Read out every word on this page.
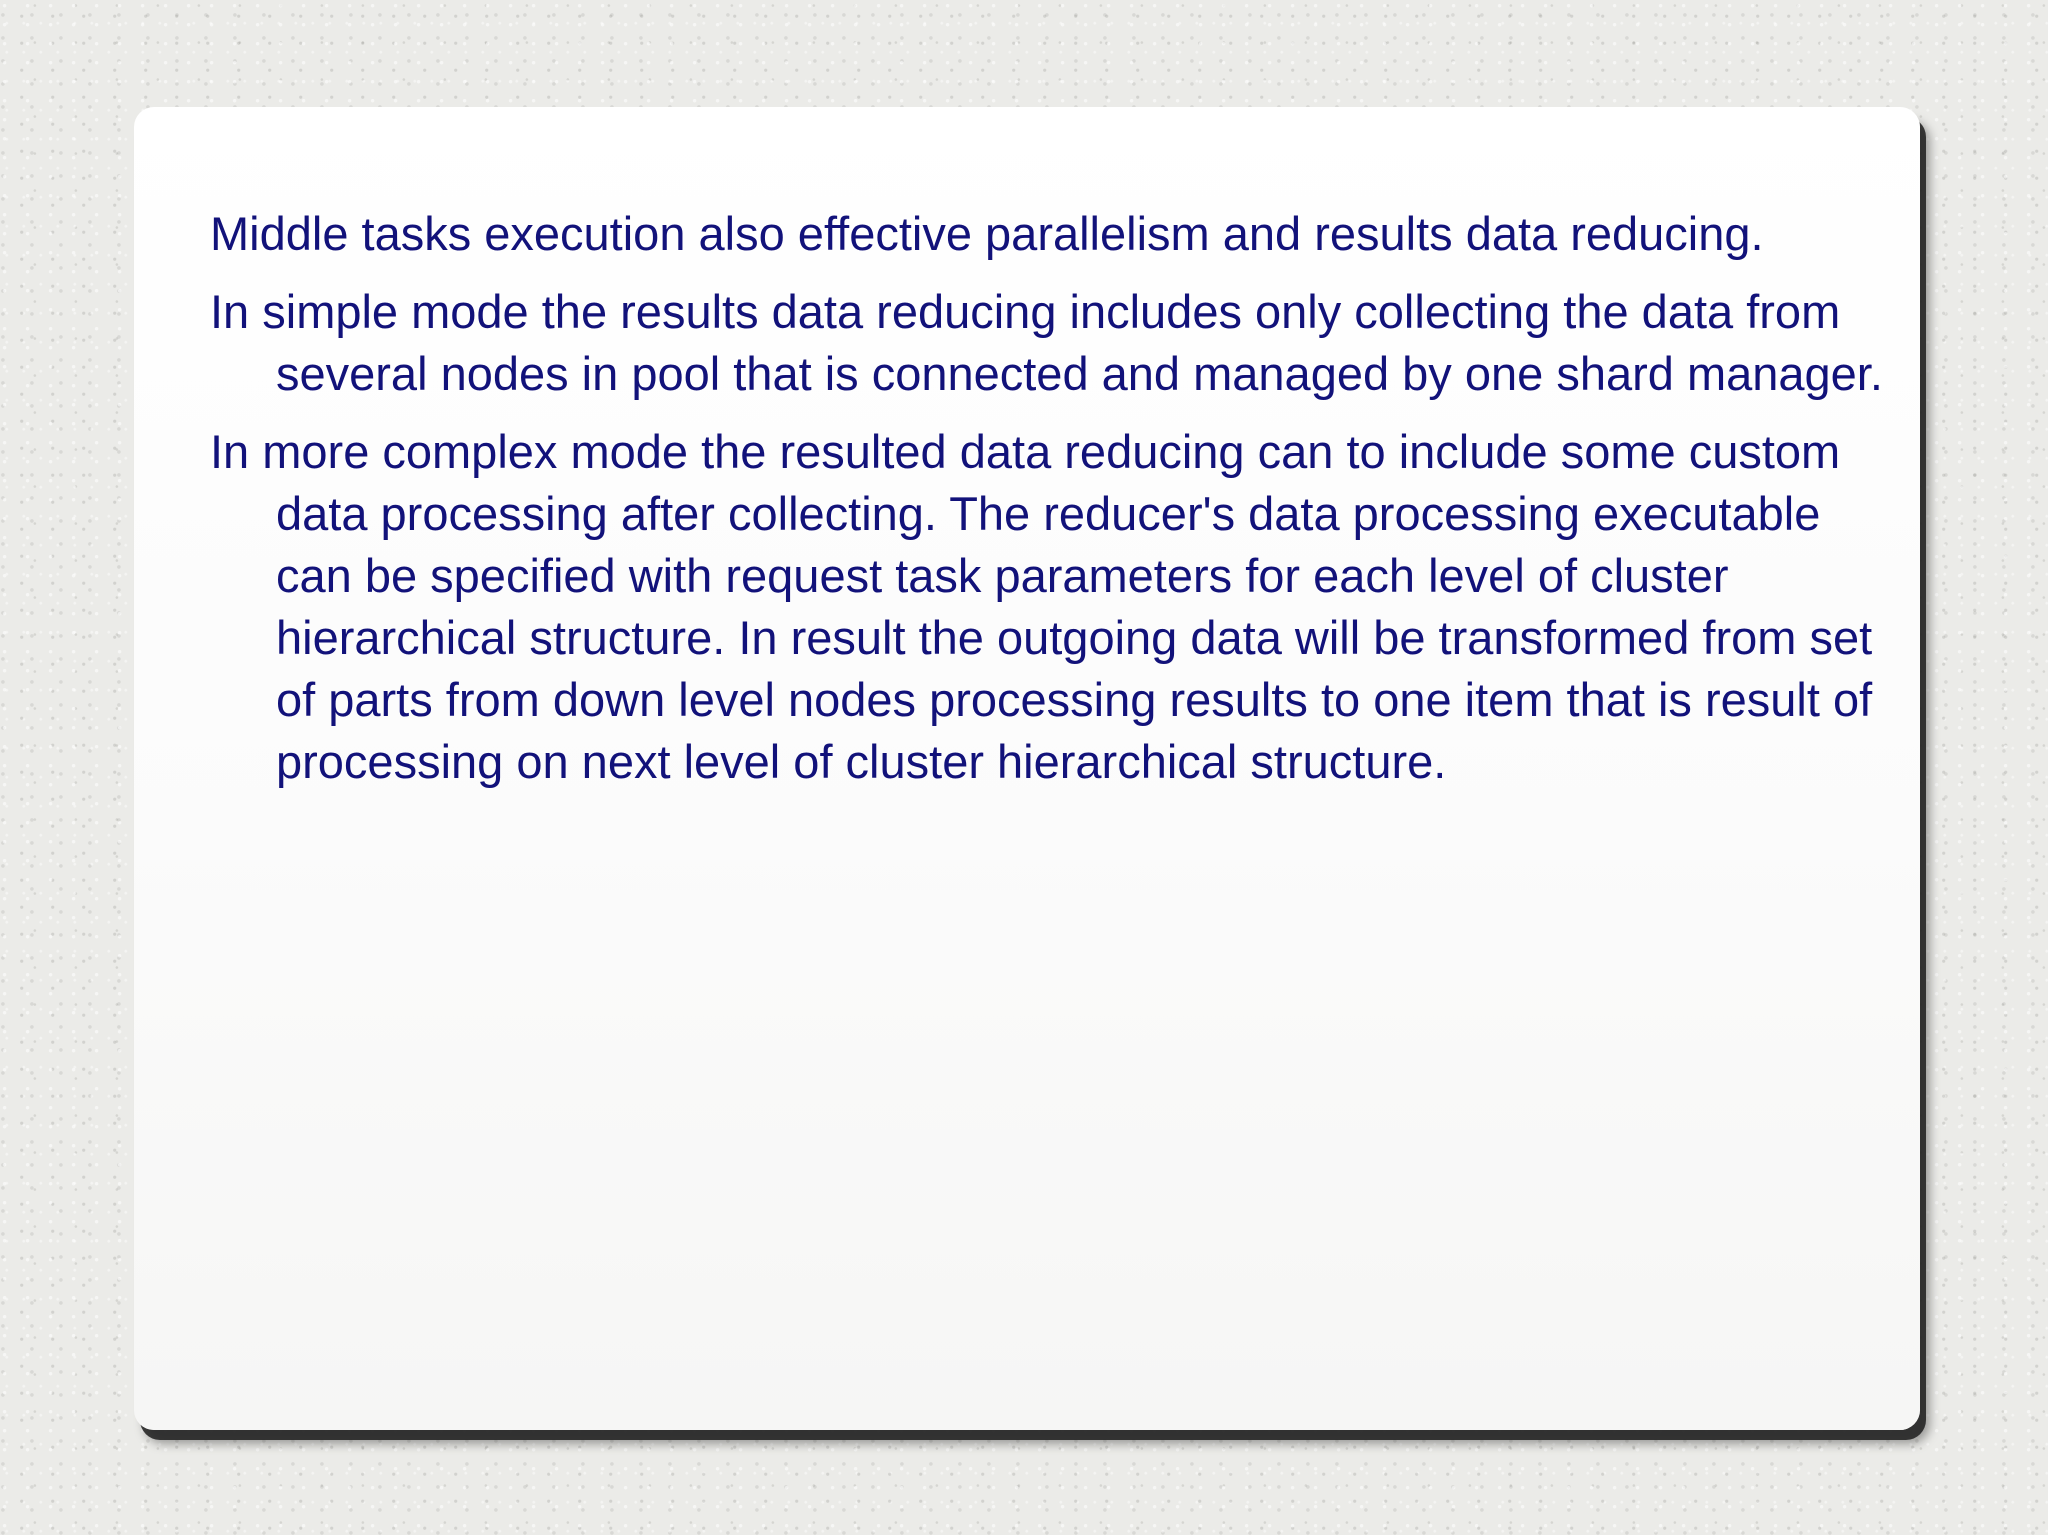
Middle tasks execution also effective parallelism and results data reducing.

In simple mode the results data reducing includes only collecting the data from several nodes in pool that is connected and managed by one shard manager.

In more complex mode the resulted data reducing can to include some custom data processing after collecting. The reducer's data processing executable can be specified with request task parameters for each level of cluster hierarchical structure. In result the outgoing data will be transformed from set of parts from down level nodes processing results to one item that is result of processing on next level of cluster hierarchical structure.
